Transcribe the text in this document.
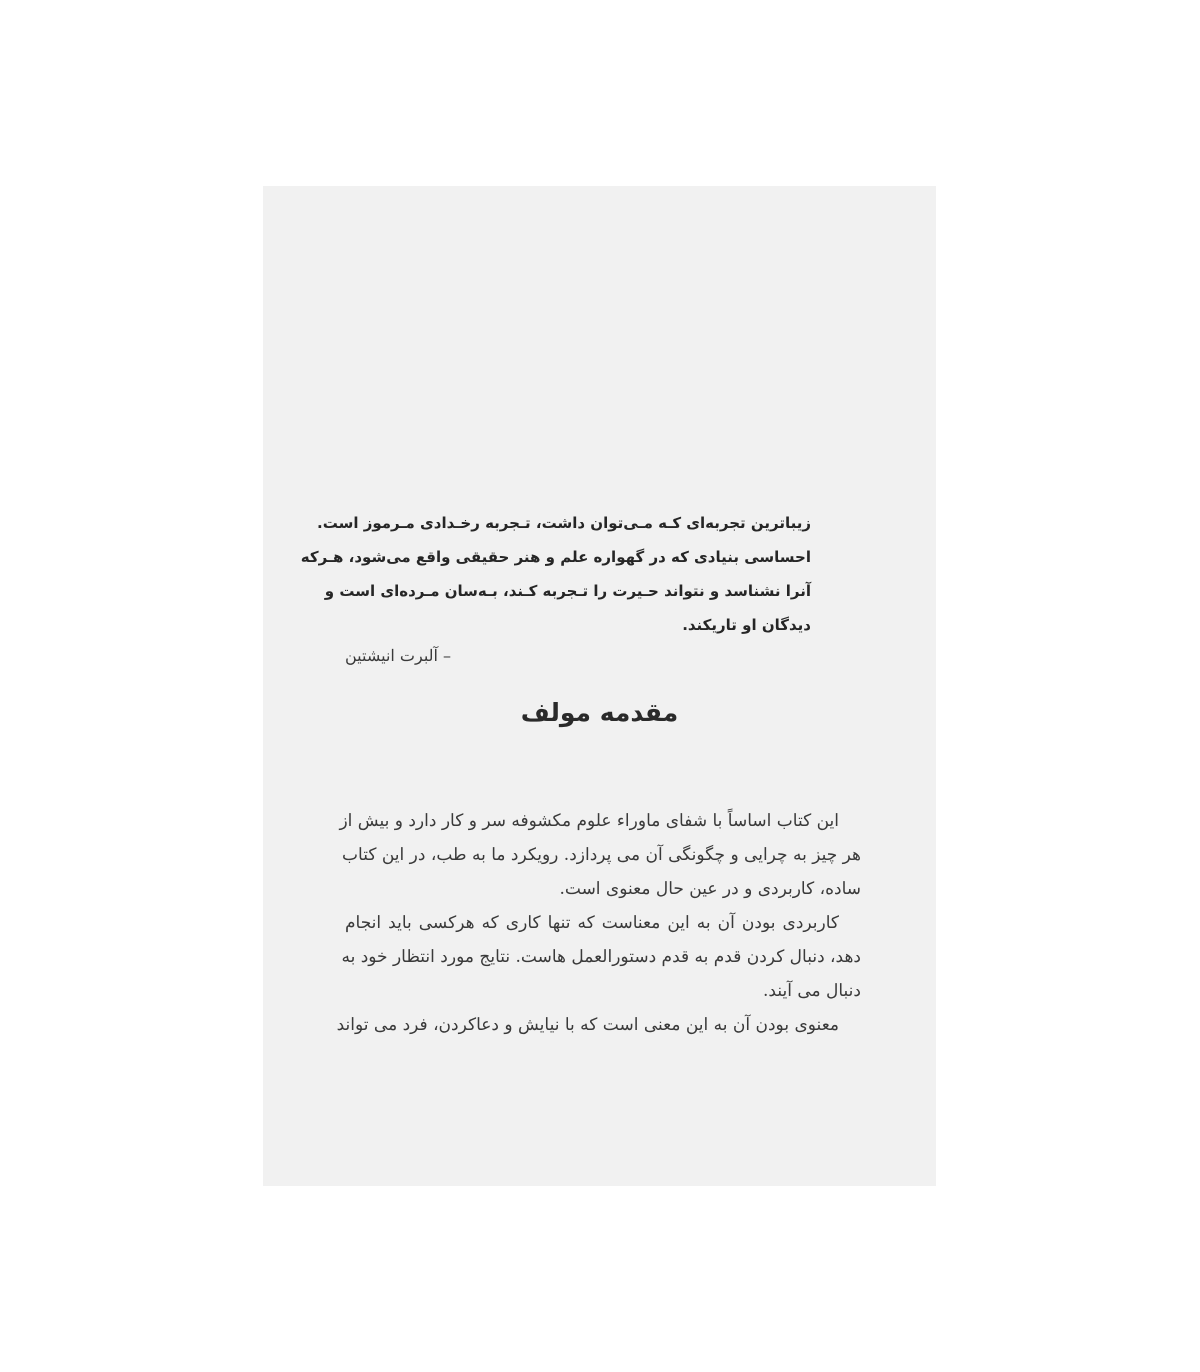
زیباترین تجربه‌ای کـه مـی‌توان داشت، تـجربه رخـدادی مـرموز است.
احساسی بنیادی که در گهواره علم و هنر حقیقی واقع می‌شود، هـرکه
آنرا نشناسد و نتواند حـیرت را تـجربه کـند، بـه‌سان مـرده‌ای است و
دیدگان او تاریکند.
– آلبرت انیشتین
مقدمه مولف
این کتاب اساساً با شفای ماوراء علوم مکشوفه سر و کار دارد و بیش از
هر چیز به چرایی و چگونگی آن می پردازد. رویکرد ما به طب، در این کتاب
ساده، کاربردی و در عین حال معنوی است.
کاربردی بودن آن به این معناست که تنها کاری که هرکسی باید انجام
دهد، دنبال کردن قدم به قدم دستورالعمل هاست. نتایج مورد انتظار خود به
دنبال می آیند.
معنوی بودن آن به این معنی است که با نیایش و دعاکردن، فرد می تواند
